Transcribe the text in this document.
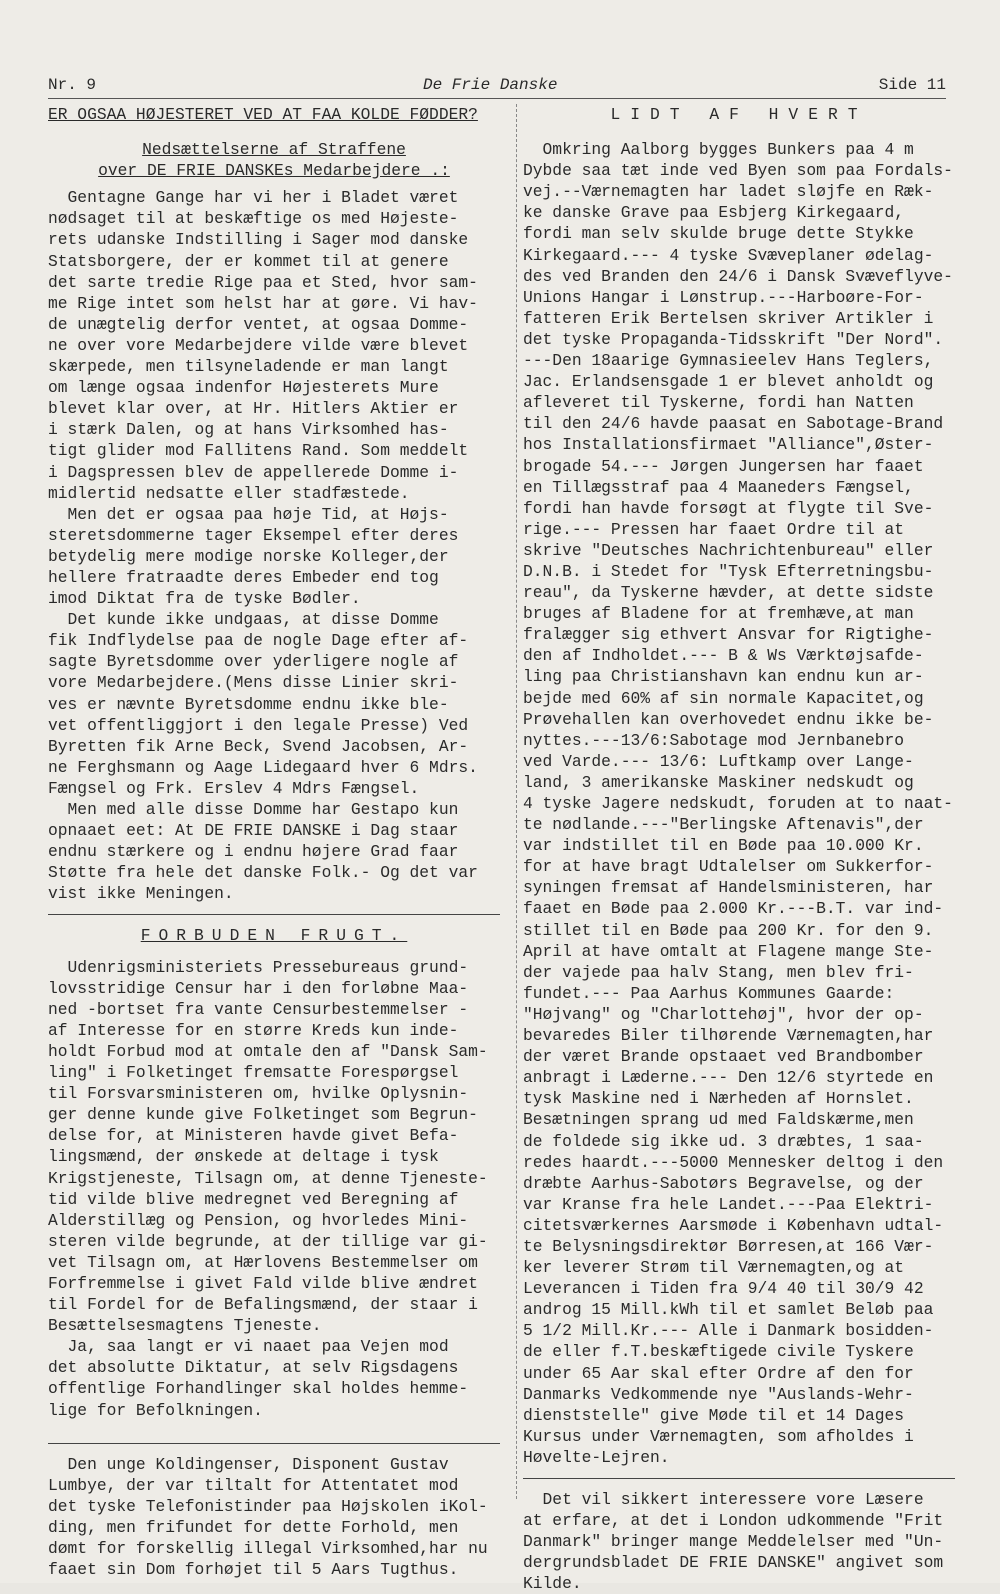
Nr. 9	De Frie Danske	Side 11

ER OGSAA HØJESTERET VED AT FAA KOLDE FØDDER?

Nedsættelserne af Straffene
over DE FRIE DANSKEs Medarbejdere .:
Gentagne Gange har vi her i Bladet været
nødsaget til at beskæftige os med Højeste-
rets udanske Indstilling i Sager mod danske
Statsborgere, der er kommet til at genere
det sarte tredie Rige paa et Sted, hvor sam-
me Rige intet som helst har at gøre. Vi hav-
de unægtelig derfor ventet, at ogsaa Domme-
ne over vore Medarbejdere vilde være blevet
skærpede, men tilsyneladende er man langt
om længe ogsaa indenfor Højesterets Mure
blevet klar over, at Hr. Hitlers Aktier er
i stærk Dalen, og at hans Virksomhed has-
tigt glider mod Fallitens Rand. Som meddelt
i Dagspressen blev de appellerede Domme i-
midlertid nedsatte eller stadfæstede.
Men det er ogsaa paa høje Tid, at Højs-
steretsdommerne tager Eksempel efter deres
betydelig mere modige norske Kolleger,der
hellere fratraadte deres Embeder end tog
imod Diktat fra de tyske Bødler.
Det kunde ikke undgaas, at disse Domme
fik Indflydelse paa de nogle Dage efter af-
sagte Byretsdomme over yderligere nogle af
vore Medarbejdere.(Mens disse Linier skri-
ves er nævnte Byretsdomme endnu ikke ble-
vet offentliggjort i den legale Presse) Ved
Byretten fik Arne Beck, Svend Jacobsen, Ar-
ne Ferghsmann og Aage Lidegaard hver 6 Mdrs.
Fængsel og Frk. Erslev 4 Mdrs Fængsel.
Men med alle disse Domme har Gestapo kun
opnaaet eet: At DE FRIE DANSKE i Dag staar
endnu stærkere og i endnu højere Grad faar
Støtte fra hele det danske Folk.- Og det var
vist ikke Meningen.
FORBUDEN FRUGT.
Udenrigsministeriets Pressebureaus grund-
lovsstridige Censur har i den forløbne Maa-
ned -bortset fra vante Censurbestemmelser -
af Interesse for en større Kreds kun inde-
holdt Forbud mod at omtale den af "Dansk Sam-
ling" i Folketinget fremsatte Forespørgsel
til Forsvarsministeren om, hvilke Oplysnin-
ger denne kunde give Folketinget som Begrun-
delse for, at Ministeren havde givet Befa-
lingsmænd, der ønskede at deltage i tysk
Krigstjeneste, Tilsagn om, at denne Tjeneste-
tid vilde blive medregnet ved Beregning af
Alderstillæg og Pension, og hvorledes Mini-
steren vilde begrunde, at der tillige var gi-
vet Tilsagn om, at Hærlovens Bestemmelser om
Forfremmelse i givet Fald vilde blive ændret
til Fordel for de Befalingsmænd, der staar i
Besættelsesmagtens Tjeneste.
Ja, saa langt er vi naaet paa Vejen mod
det absolutte Diktatur, at selv Rigsdagens
offentlige Forhandlinger skal holdes hemme-
lige for Befolkningen.
Den unge Koldingenser, Disponent Gustav
Lumbye, der var tiltalt for Attentatet mod
det tyske Telefonistinder paa Højskolen iKol-
ding, men frifundet for dette Forhold, men
dømt for forskellig illegal Virksomhed,har nu
faaet sin Dom forhøjet til 5 Aars Tugthus.
LIDT AF HVERT
Omkring Aalborg bygges Bunkers paa 4 m
Dybde saa tæt inde ved Byen som paa Fordals-
vej.--Værnemagten har ladet sløjfe en Ræk-
ke danske Grave paa Esbjerg Kirkegaard,
fordi man selv skulde bruge dette Stykke
Kirkegaard.--- 4 tyske Svæveplaner ødelag-
des ved Branden den 24/6 i Dansk Svæveflyve-
Unions Hangar i Lønstrup.---Harboøre-For-
fatteren Erik Bertelsen skriver Artikler i
det tyske Propaganda-Tidsskrift "Der Nord".
---Den 18aarige Gymnasieelev Hans Teglers,
Jac. Erlandsensgade 1 er blevet anholdt og
afleveret til Tyskerne, fordi han Natten
til den 24/6 havde paasat en Sabotage-Brand
hos Installationsfirmaet "Alliance",Øster-
brogade 54.--- Jørgen Jungersen har faaet
en Tillægsstraf paa 4 Maaneders Fængsel,
fordi han havde forsøgt at flygte til Sve-
rige.--- Pressen har faaet Ordre til at
skrive "Deutsches Nachrichtenbureau" eller
D.N.B. i Stedet for "Tysk Efterretningsbu-
reau", da Tyskerne hævder, at dette sidste
bruges af Bladene for at fremhæve,at man
fralægger sig ethvert Ansvar for Rigtighe-
den af Indholdet.--- B & Ws Værktøjsafde-
ling paa Christianshavn kan endnu kun ar-
bejde med 60% af sin normale Kapacitet,og
Prøvehallen kan overhovedet endnu ikke be-
nyttes.---13/6:Sabotage mod Jernbanebro
ved Varde.--- 13/6: Luftkamp over Lange-
land, 3 amerikanske Maskiner nedskudt og
4 tyske Jagere nedskudt, foruden at to naat-
te nødlande.---"Berlingske Aftenavis",der
var indstillet til en Bøde paa 10.000 Kr.
for at have bragt Udtalelser om Sukkerfor-
syningen fremsat af Handelsministeren, har
faaet en Bøde paa 2.000 Kr.---B.T. var ind-
stillet til en Bøde paa 200 Kr. for den 9.
April at have omtalt at Flagene mange Ste-
der vajede paa halv Stang, men blev fri-
fundet.--- Paa Aarhus Kommunes Gaarde:
"Højvang" og "Charlottehøj", hvor der op-
bevaredes Biler tilhørende Værnemagten,har
der været Brande opstaaet ved Brandbomber
anbragt i Læderne.--- Den 12/6 styrtede en
tysk Maskine ned i Nærheden af Hornslet.
Besætningen sprang ud med Faldskærme,men
de foldede sig ikke ud. 3 dræbtes, 1 saa-
redes haardt.---5000 Mennesker deltog i den
dræbte Aarhus-Sabotørs Begravelse, og der
var Kranse fra hele Landet.---Paa Elektri-
citetsværkernes Aarsmøde i København udtal-
te Belysningsdirektør Børresen,at 166 Vær-
ker leverer Strøm til Værnemagten,og at
Leverancen i Tiden fra 9/4 40 til 30/9 42
androg 15 Mill.kWh til et samlet Beløb paa
5 1/2 Mill.Kr.--- Alle i Danmark bosidden-
de eller f.T.beskæftigede civile Tyskere
under 65 Aar skal efter Ordre af den for
Danmarks Vedkommende nye "Auslands-Wehr-
dienststelle" give Møde til et 14 Dages
Kursus under Værnemagten, som afholdes i
Høvelte-Lejren.
Det vil sikkert interessere vore Læsere
at erfare, at det i London udkommende "Frit
Danmark" bringer mange Meddelelser med "Un-
dergrundsbladet DE FRIE DANSKE" angivet som
Kilde.
